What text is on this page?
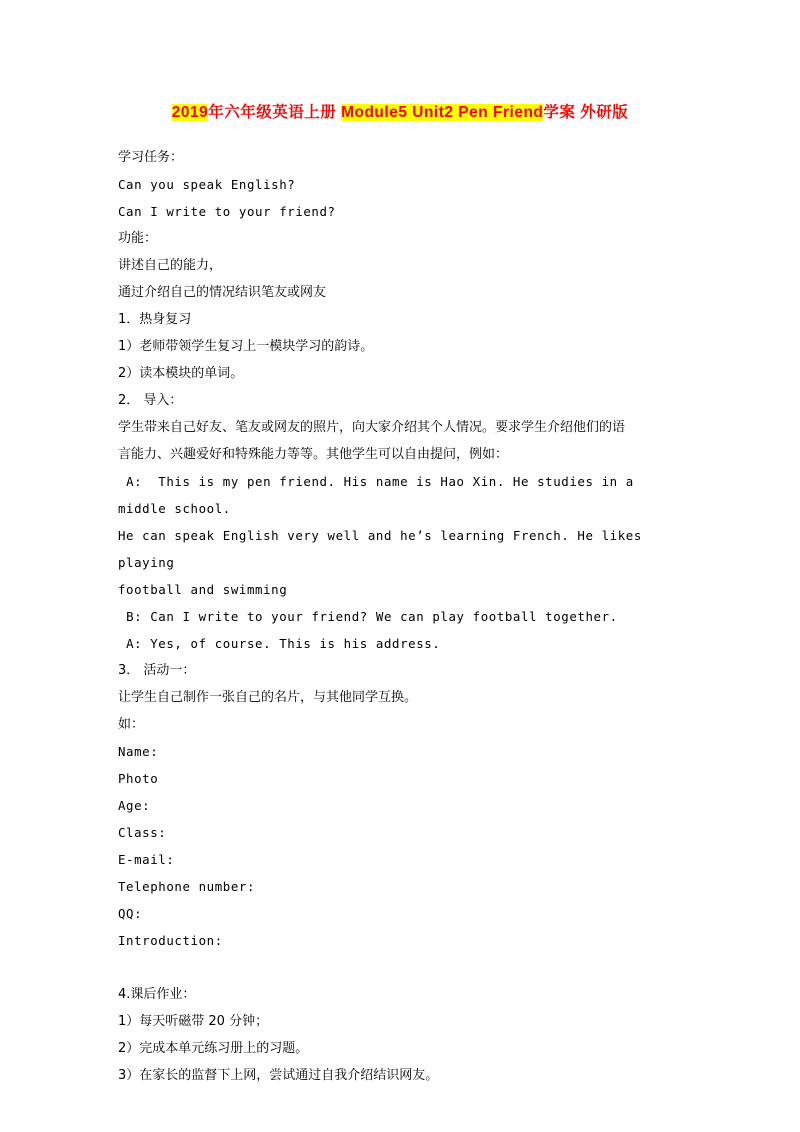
2019年六年级英语上册 Module5 Unit2 Pen Friend学案 外研版

学习任务：

Can you speak English?

Can I write to your friend?

功能：

讲述自己的能力，

通过介绍自己的情况结识笔友或网友

1．热身复习

1）老师带领学生复习上一模块学习的韵诗。

2）读本模块的单词。

2． 导入：

学生带来自己好友、笔友或网友的照片，向大家介绍其个人情况。要求学生介绍他们的语

言能力、兴趣爱好和特殊能力等等。其他学生可以自由提问，例如：

A:  This is my pen friend. His name is Hao Xin. He studies in a middle school.

He can speak English very well and he’s learning French. He likes playing

football and swimming

B: Can I write to your friend? We can play football together.

A: Yes, of course. This is his address.

3． 活动一：

让学生自己制作一张自己的名片，与其他同学互换。

如：

Name:

Photo

Age:

Class:

E-mail:

Telephone number:

QQ:

Introduction:

4.课后作业：

1）每天听磁带 20 分钟；

2）完成本单元练习册上的习题。

3）在家长的监督下上网，尝试通过自我介绍结识网友。
